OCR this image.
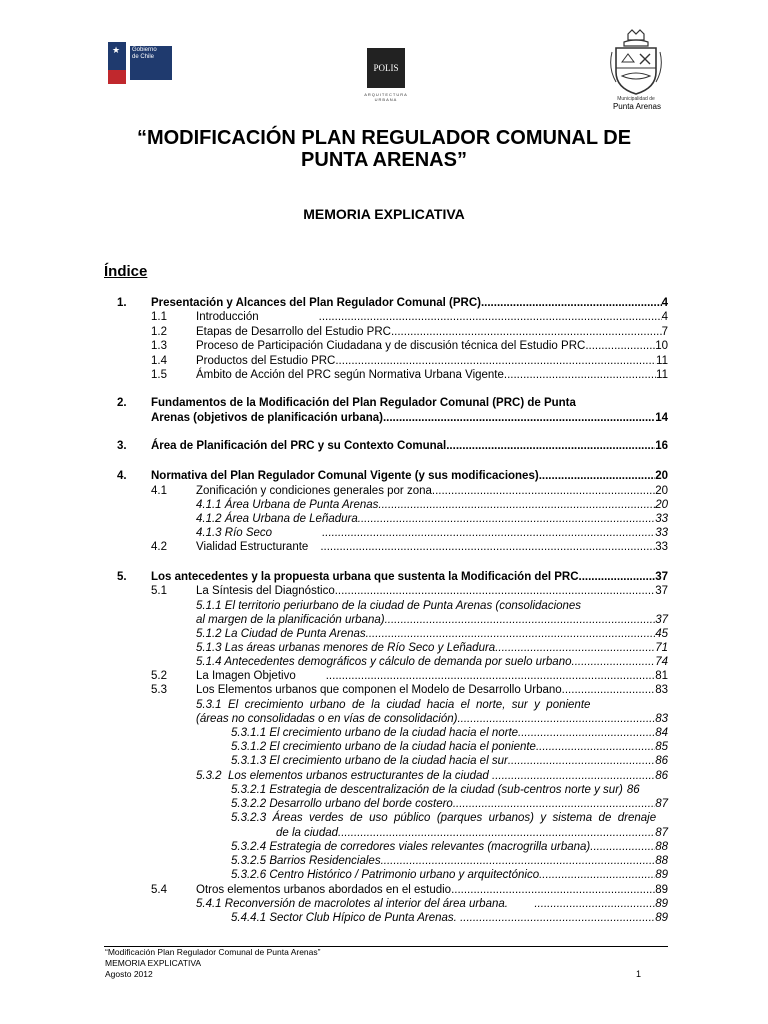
★ Gobierno
de Chile
POLIS
ARQUITECTURA
URBANA	Municipalidad de
Punta Arenas
“MODIFICACIÓN PLAN REGULADOR COMUNAL DE
PUNTA ARENAS”
MEMORIA EXPLICATIVA
Índice
1. Presentación y Alcances del Plan Regulador Comunal (PRC) .....	4
1.1	Introducción .....	4
1.2	Etapas de Desarrollo del Estudio PRC .....	7
1.3	Proceso de Participación Ciudadana y de discusión técnica del Estudio PRC .....	10
1.4	Productos del Estudio PRC .....	11
1.5	Ámbito de Acción del PRC según Normativa Urbana Vigente .....	11
2. Fundamentos de la Modificación del Plan Regulador Comunal (PRC) de Punta
Arenas (objetivos de planificación urbana) .....	14
3. Área de Planificación del PRC y su Contexto Comunal .....	16
4. Normativa del Plan Regulador Comunal Vigente (y sus modificaciones) .....	20
4.1	Zonificación y condiciones generales por zona .....	20
4.1.1 Área Urbana de Punta Arenas .....	20
4.1.2 Área Urbana de Leñadura .....	33
4.1.3 Río Seco .....	33
4.2	Vialidad Estructurante .....	33
5. Los antecedentes y la propuesta urbana que sustenta la Modificación del PRC .....	37
5.1	La Síntesis del Diagnóstico .....	37
5.1.1 El territorio periurbano de la ciudad de Punta Arenas (consolidaciones
al margen de la planificación urbana) .....	37
5.1.2 La Ciudad de Punta Arenas .....	45
5.1.3 Las áreas urbanas menores de Río Seco y Leñadura .....	71
5.1.4 Antecedentes demográficos y cálculo de demanda por suelo urbano .....	74
5.2	La Imagen Objetivo .....	81
5.3	Los Elementos urbanos que componen el Modelo de Desarrollo Urbano .....	83
5.3.1  El  crecimiento  urbano  de  la  ciudad  hacia  el  norte,  sur  y  poniente
(áreas no consolidadas o en vías de consolidación) .....	83
5.3.1.1 El crecimiento urbano de la ciudad hacia el norte .....	84
5.3.1.2 El crecimiento urbano de la ciudad hacia el poniente .....	85
5.3.1.3 El crecimiento urbano de la ciudad hacia el sur .....	86
5.3.2  Los elementos urbanos estructurantes de la ciudad .....	86
5.3.2.1 Estrategia de descentralización de la ciudad (sub-centros norte y sur) 86
5.3.2.2 Desarrollo urbano del borde costero .....	87
5.3.2.3  Áreas  verdes  de  uso  público  (parques  urbanos)  y  sistema  de  drenaje
de la ciudad .....	87
5.3.2.4 Estrategia de corredores viales relevantes (macrogrilla urbana) .....	88
5.3.2.5 Barrios Residenciales .....	88
5.3.2.6 Centro Histórico / Patrimonio urbano y arquitectónico .....	89
5.4	Otros elementos urbanos abordados en el estudio .....	89
5.4.1 Reconversión de macrolotes al interior del área urbana. .....	89
5.4.4.1 Sector Club Hípico de Punta Arenas. .....	89
“Modificación Plan Regulador Comunal de Punta Arenas”
MEMORIA EXPLICATIVA
Agosto 2012	1
